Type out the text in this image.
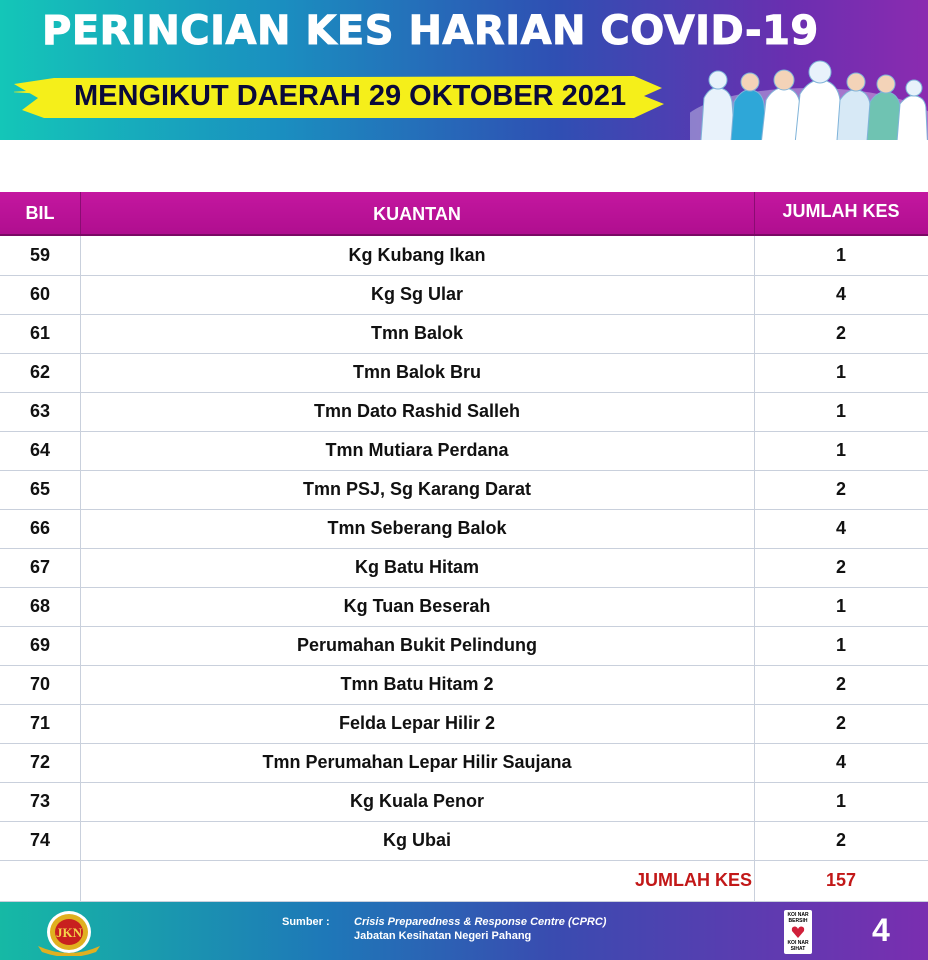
PERINCIAN KES HARIAN COVID-19
MENGIKUT DAERAH 29 OKTOBER 2021
BIL	KUANTAN	JUMLAH KES
59	Kg Kubang Ikan	1
60	Kg Sg Ular	4
61	Tmn Balok	2
62	Tmn Balok Bru	1
63	Tmn Dato Rashid Salleh	1
64	Tmn Mutiara Perdana	1
65	Tmn PSJ, Sg Karang Darat	2
66	Tmn Seberang Balok	4
67	Kg Batu Hitam	2
68	Kg Tuan Beserah	1
69	Perumahan Bukit Pelindung	1
70	Tmn Batu Hitam 2	2
71	Felda Lepar Hilir 2	2
72	Tmn Perumahan Lepar Hilir Saujana	4
73	Kg Kuala Penor	1
74	Kg Ubai	2
JUMLAH KES	157
JKN
Sumber : Crisis Preparedness & Response Centre (CPRC)
Jabatan Kesihatan Negeri Pahang
KOI NAR BERSIH
KOI NAR SIHAT
4
